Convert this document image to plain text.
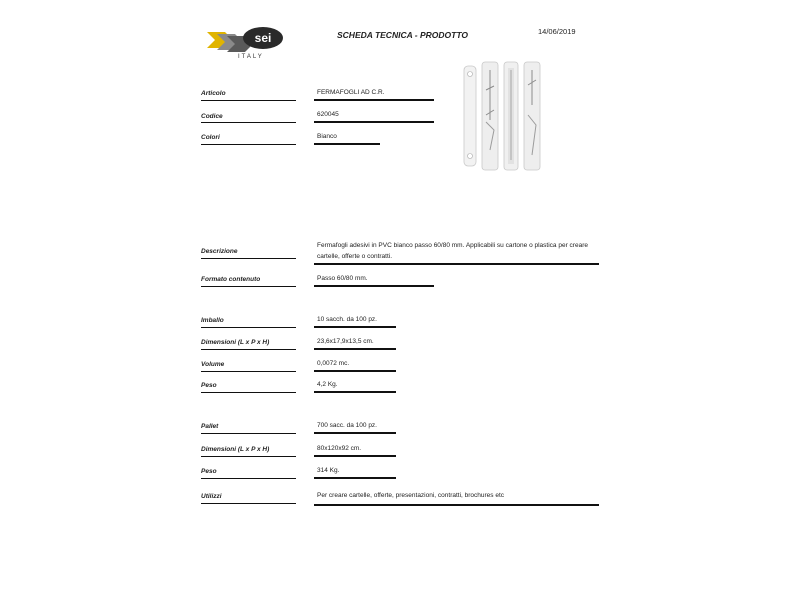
sei
ITALY
SCHEDA TECNICA - PRODOTTO	14/06/2019
Articolo	FERMAFOGLI AD C.R.
Codice	620045
Colori	Bianco
Descrizione
Fermafogli adesivi in PVC bianco passo 60/80 mm. Applicabili su cartone o plastica per creare
cartelle, offerte o contratti.
Formato contenuto	Passo 60/80 mm.
Imballo	10 sacch. da 100 pz.
Dimensioni (L x P x H)	23,6x17,9x13,5 cm.
Volume	0,0072 mc.
Peso	4,2 Kg.
Pallet	700 sacc. da 100 pz.
Dimensioni (L x P x H)	80x120x92 cm.
Peso	314 Kg.
Utilizzi	Per creare cartelle, offerte, presentazioni, contratti, brochures etc
